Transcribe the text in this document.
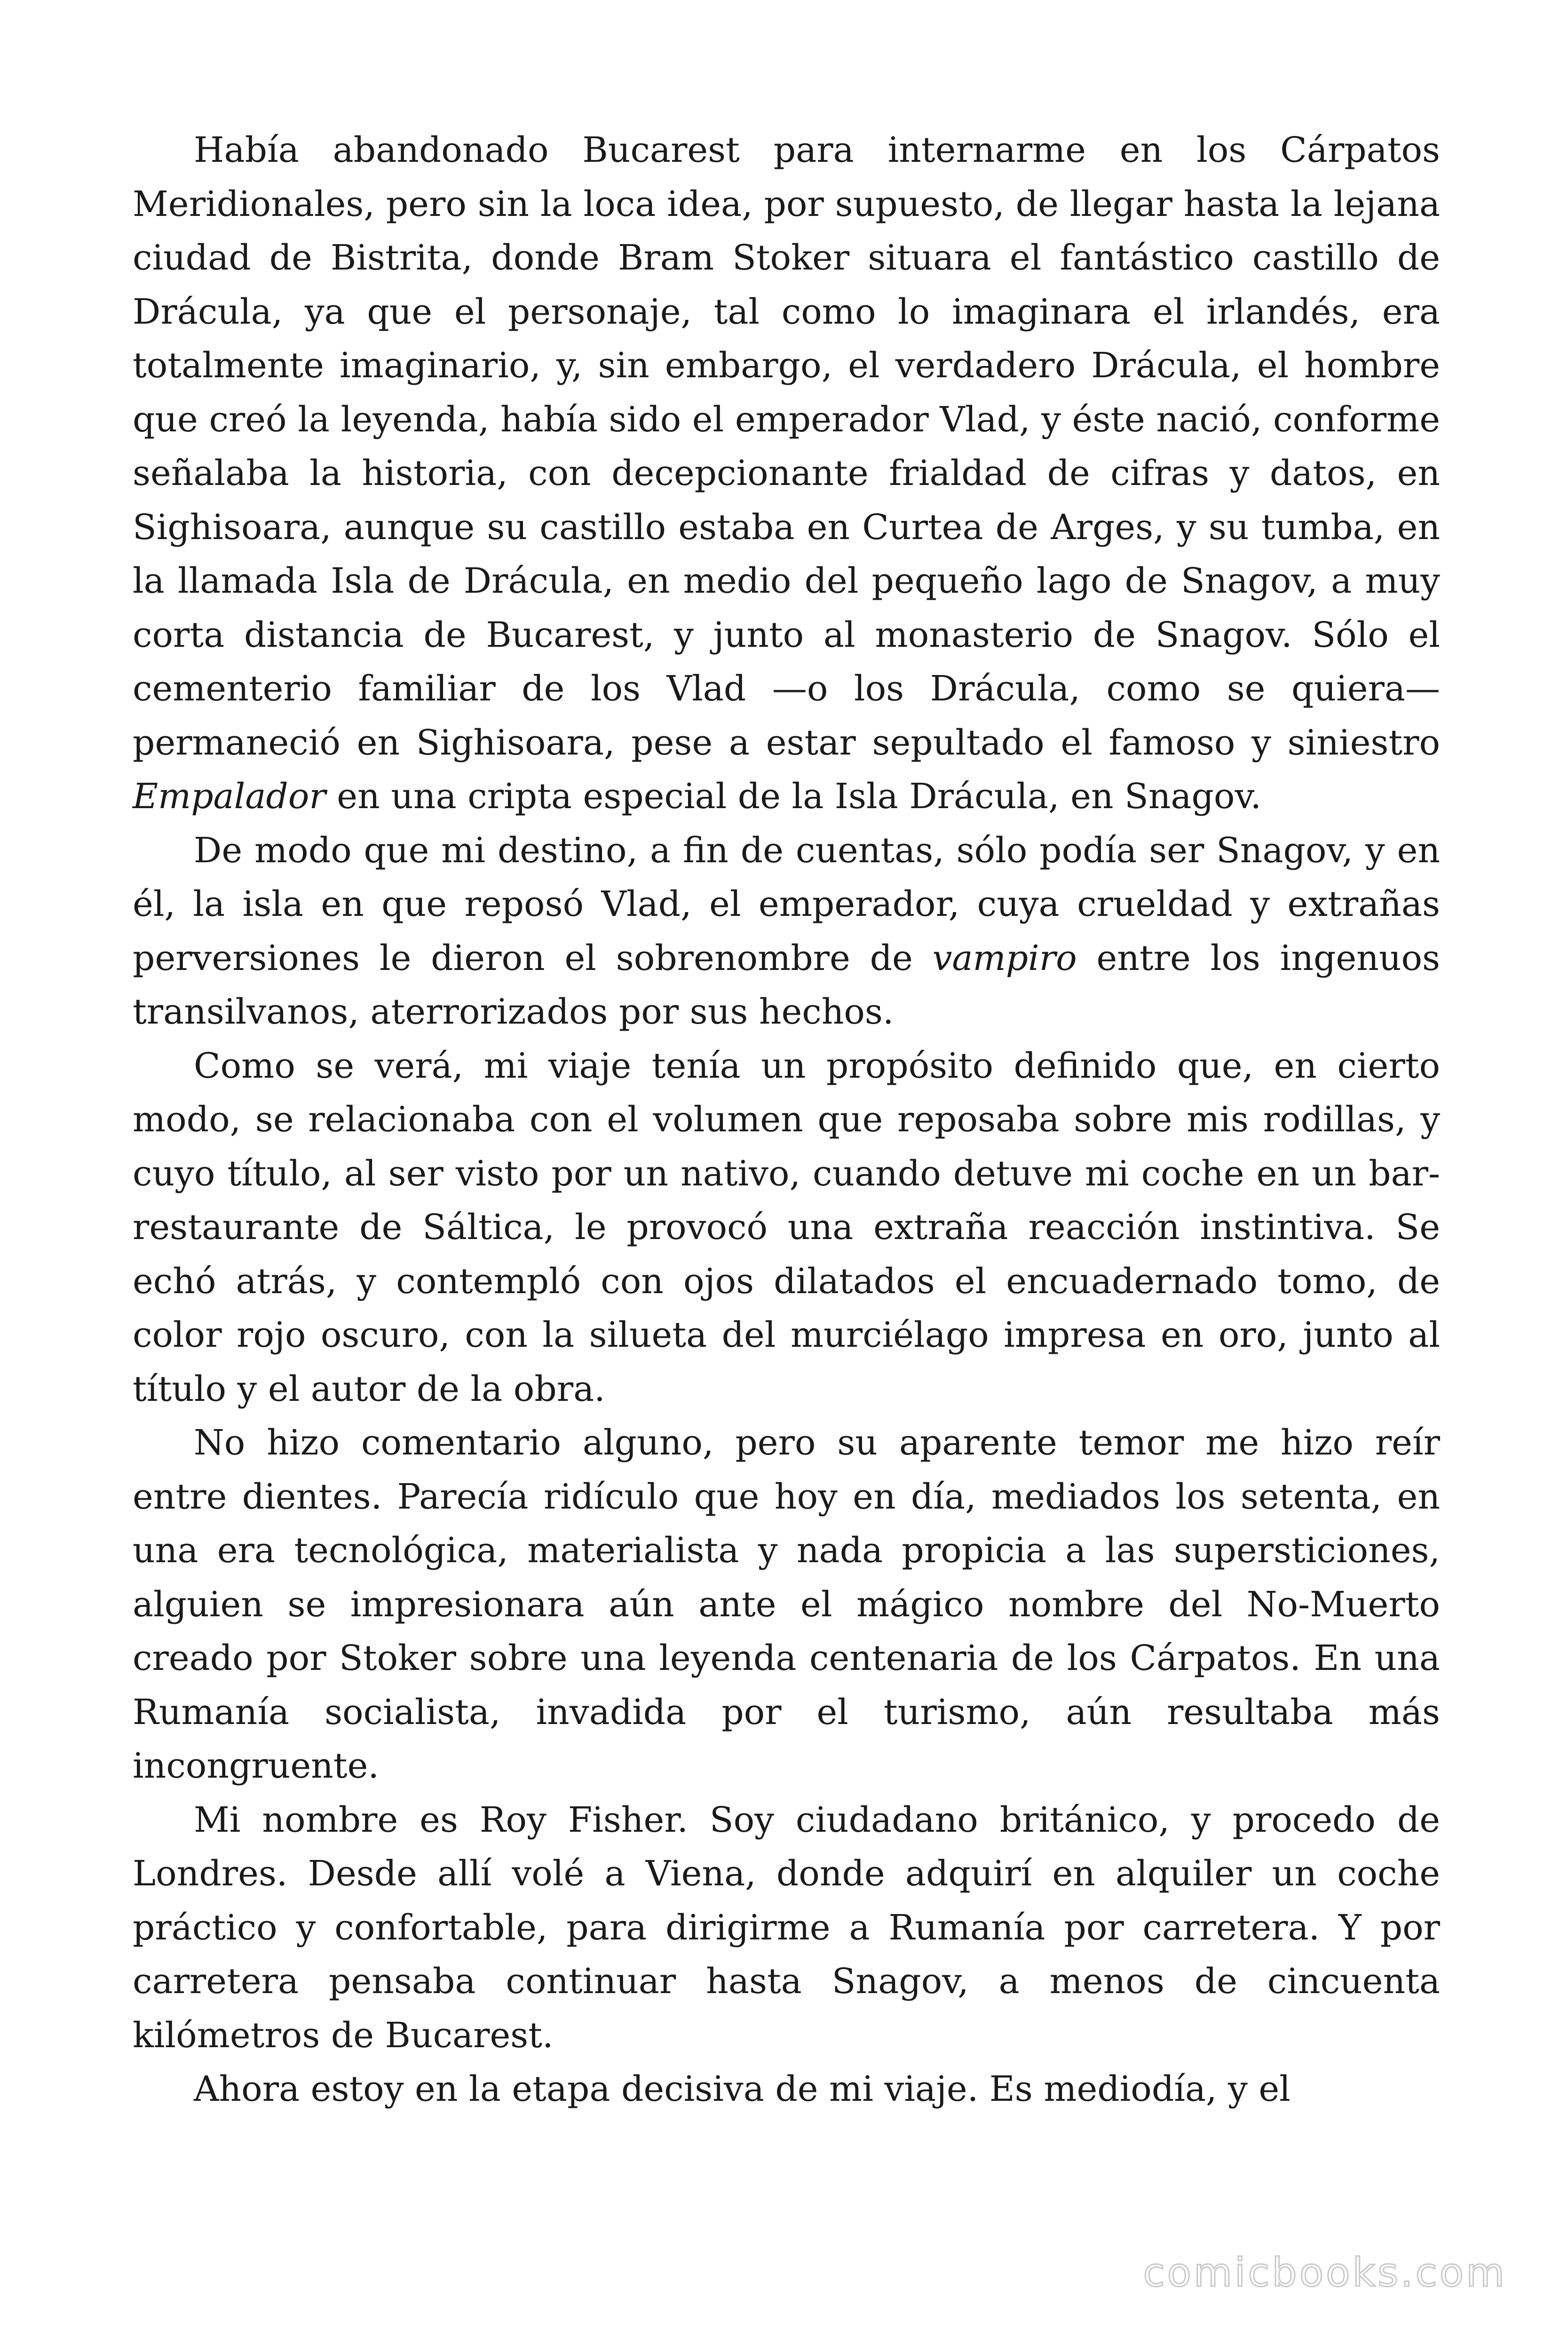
Había abandonado Bucarest para internarme en los Cárpatos Meridionales, pero sin la loca idea, por supuesto, de llegar hasta la lejana ciudad de Bistrita, donde Bram Stoker situara el fantástico castillo de Drácula, ya que el personaje, tal como lo imaginara el irlandés, era totalmente imaginario, y, sin embargo, el verdadero Drácula, el hombre que creó la leyenda, había sido el emperador Vlad, y éste nació, conforme señalaba la historia, con decepcionante frialdad de cifras y datos, en Sighisoara, aunque su castillo estaba en Curtea de Arges, y su tumba, en la llamada Isla de Drácula, en medio del pequeño lago de Snagov, a muy corta distancia de Bucarest, y junto al monasterio de Snagov. Sólo el cementerio familiar de los Vlad —o los Drácula, como se quiera— permaneció en Sighisoara, pese a estar sepultado el famoso y siniestro Empalador en una cripta especial de la Isla Drácula, en Snagov.

De modo que mi destino, a fin de cuentas, sólo podía ser Snagov, y en él, la isla en que reposó Vlad, el emperador, cuya crueldad y extrañas perversiones le dieron el sobrenombre de vampiro entre los ingenuos transilvanos, aterrorizados por sus hechos.

Como se verá, mi viaje tenía un propósito definido que, en cierto modo, se relacionaba con el volumen que reposaba sobre mis rodillas, y cuyo título, al ser visto por un nativo, cuando detuve mi coche en un bar-restaurante de Sáltica, le provocó una extraña reacción instintiva. Se echó atrás, y contempló con ojos dilatados el encuadernado tomo, de color rojo oscuro, con la silueta del murciélago impresa en oro, junto al título y el autor de la obra.

No hizo comentario alguno, pero su aparente temor me hizo reír entre dientes. Parecía ridículo que hoy en día, mediados los setenta, en una era tecnológica, materialista y nada propicia a las supersticiones, alguien se impresionara aún ante el mágico nombre del No-Muerto creado por Stoker sobre una leyenda centenaria de los Cárpatos. En una Rumanía socialista, invadida por el turismo, aún resultaba más incongruente.

Mi nombre es Roy Fisher. Soy ciudadano británico, y procedo de Londres. Desde allí volé a Viena, donde adquirí en alquiler un coche práctico y confortable, para dirigirme a Rumanía por carretera. Y por carretera pensaba continuar hasta Snagov, a menos de cincuenta kilómetros de Bucarest.

Ahora estoy en la etapa decisiva de mi viaje. Es mediodía, y el

comicbooks.com
